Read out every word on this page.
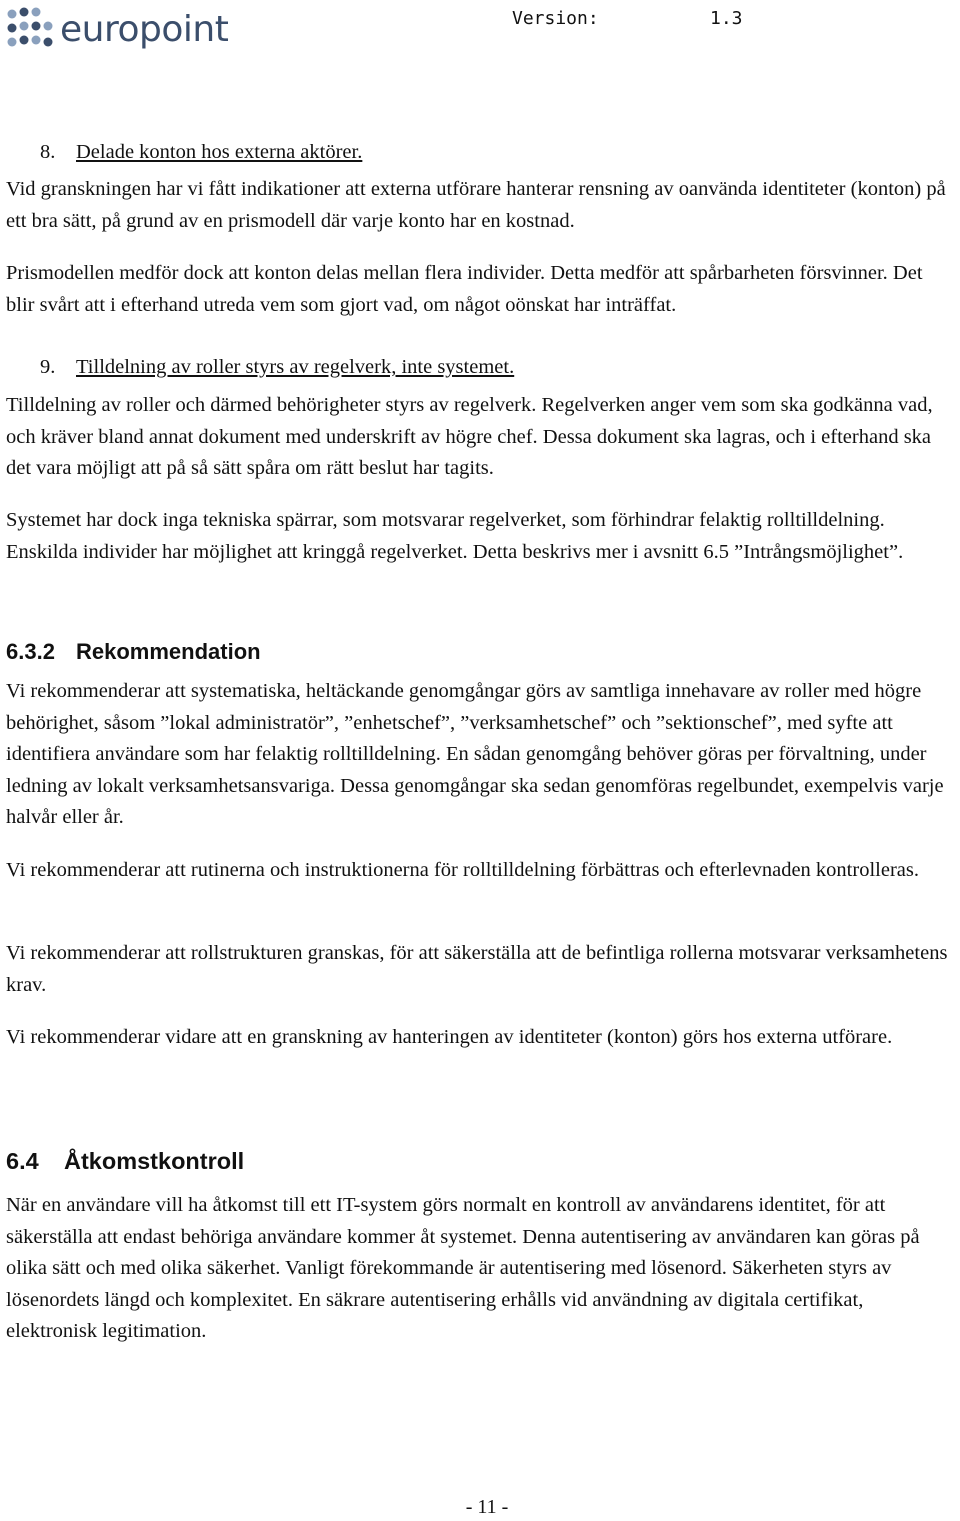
europoint	Version:	1.3
8. Delade konton hos externa aktörer.

Vid granskningen har vi fått indikationer att externa utförare hanterar rensning av oanvända identiteter (konton) på ett bra sätt, på grund av en prismodell där varje konto har en kostnad.

Prismodellen medför dock att konton delas mellan flera individer. Detta medför att spårbarheten försvinner. Det blir svårt att i efterhand utreda vem som gjort vad, om något oönskat har inträffat.

9. Tilldelning av roller styrs av regelverk, inte systemet.

Tilldelning av roller och därmed behörigheter styrs av regelverk. Regelverken anger vem som ska godkänna vad, och kräver bland annat dokument med underskrift av högre chef. Dessa dokument ska lagras, och i efterhand ska det vara möjligt att på så sätt spåra om rätt beslut har tagits.

Systemet har dock inga tekniska spärrar, som motsvarar regelverket, som förhindrar felaktig rolltilldelning. Enskilda individer har möjlighet att kringgå regelverket. Detta beskrivs mer i avsnitt 6.5 ”Intrångsmöjlighet”.

6.3.2 Rekommendation

Vi rekommenderar att systematiska, heltäckande genomgångar görs av samtliga innehavare av roller med högre behörighet, såsom ”lokal administratör”, ”enhetschef”, ”verksamhetschef” och ”sektionschef”, med syfte att identifiera användare som har felaktig rolltilldelning. En sådan genomgång behöver göras per förvaltning, under ledning av lokalt verksamhetsansvariga. Dessa genomgångar ska sedan genomföras regelbundet, exempelvis varje halvår eller år.

Vi rekommenderar att rutinerna och instruktionerna för rolltilldelning förbättras och efterlevnaden kontrolleras.

Vi rekommenderar att rollstrukturen granskas, för att säkerställa att de befintliga rollerna motsvarar verksamhetens krav.

Vi rekommenderar vidare att en granskning av hanteringen av identiteter (konton) görs hos externa utförare.

6.4 Åtkomstkontroll

När en användare vill ha åtkomst till ett IT-system görs normalt en kontroll av användarens identitet, för att säkerställa att endast behöriga användare kommer åt systemet. Denna autentisering av användaren kan göras på olika sätt och med olika säkerhet. Vanligt förekommande är autentisering med lösenord. Säkerheten styrs av lösenordets längd och komplexitet. En säkrare autentisering erhålls vid användning av digitala certifikat, elektronisk legitimation.

- 11 -
